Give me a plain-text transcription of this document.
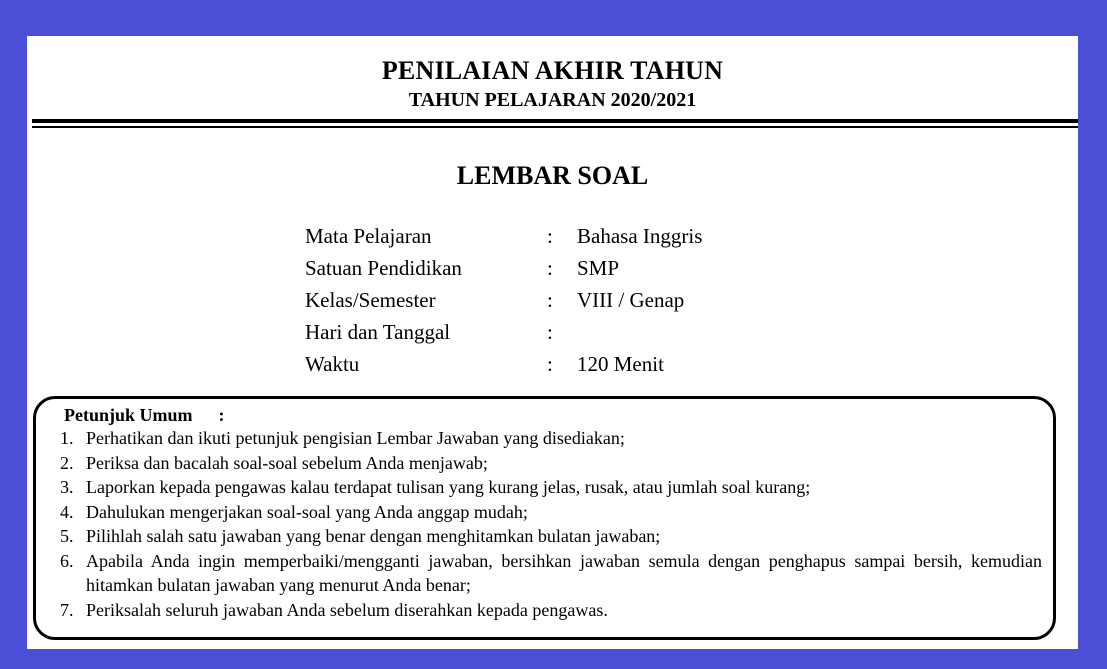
PENILAIAN AKHIR TAHUN
TAHUN PELAJARAN 2020/2021
LEMBAR SOAL
Mata Pelajaran	: Bahasa Inggris
Satuan Pendidikan	: SMP
Kelas/Semester	: VIII / Genap
Hari dan Tanggal	:
Waktu	: 120 Menit
Petunjuk Umum :
1. Perhatikan dan ikuti petunjuk pengisian Lembar Jawaban yang disediakan;
2. Periksa dan bacalah soal-soal sebelum Anda menjawab;
3. Laporkan kepada pengawas kalau terdapat tulisan yang kurang jelas, rusak, atau jumlah soal kurang;
4. Dahulukan mengerjakan soal-soal yang Anda anggap mudah;
5. Pilihlah salah satu jawaban yang benar dengan menghitamkan bulatan jawaban;
6. Apabila Anda ingin memperbaiki/mengganti jawaban, bersihkan jawaban semula dengan penghapus sampai bersih, kemudian hitamkan bulatan jawaban yang menurut Anda benar;
7. Periksalah seluruh jawaban Anda sebelum diserahkan kepada pengawas.
